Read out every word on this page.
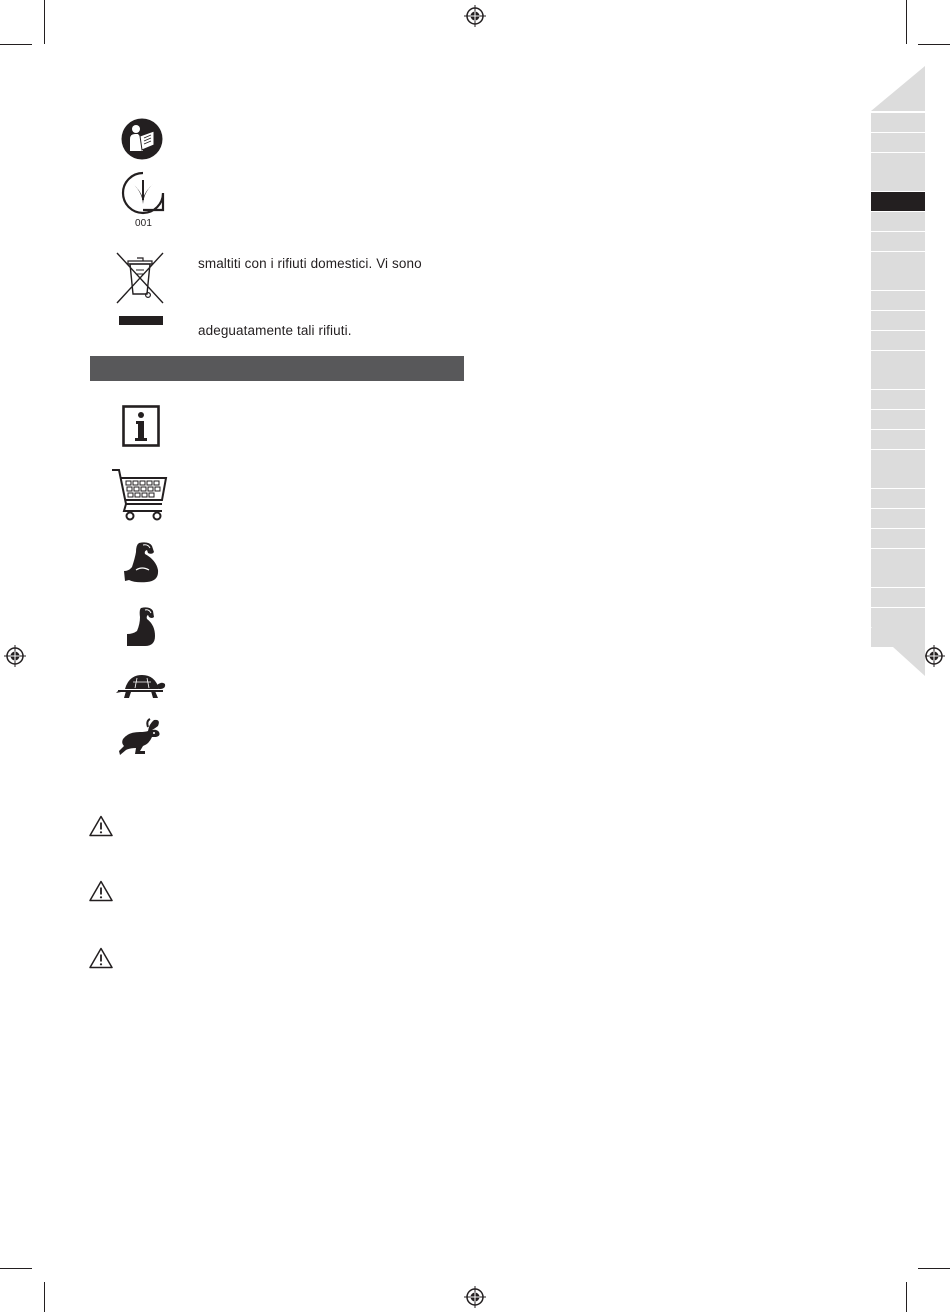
001
smaltiti con i rifiuti domestici. Vi sono
adeguatamente tali rifiuti.
